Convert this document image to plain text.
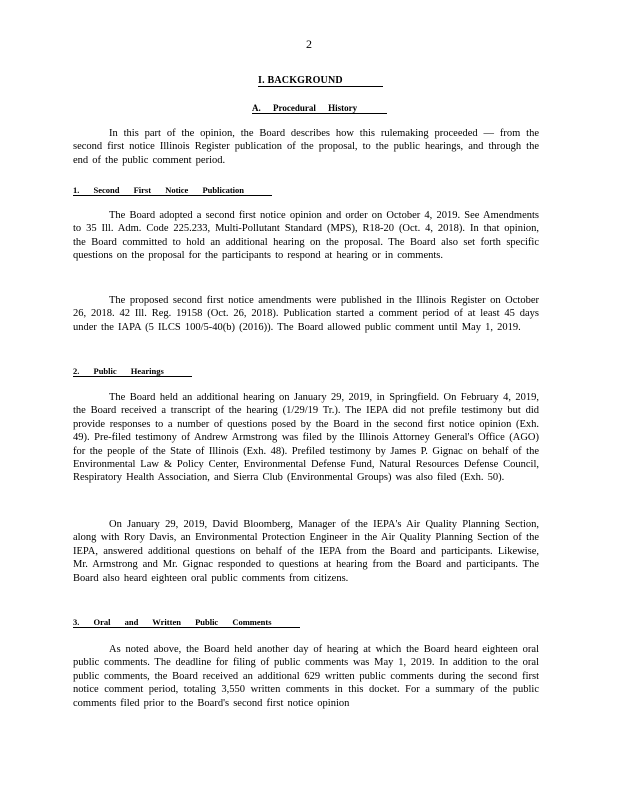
2
I. BACKGROUND
A. Procedural History
In this part of the opinion, the Board describes how this rulemaking proceeded — from the second first notice Illinois Register publication of the proposal, to the public hearings, and through the end of the public comment period.
1. Second First Notice Publication
The Board adopted a second first notice opinion and order on October 4, 2019. See Amendments to 35 Ill. Adm. Code 225.233, Multi-Pollutant Standard (MPS), R18-20 (Oct. 4, 2018). In that opinion, the Board committed to hold an additional hearing on the proposal. The Board also set forth specific questions on the proposal for the participants to respond at hearing or in comments.
The proposed second first notice amendments were published in the Illinois Register on October 26, 2018. 42 Ill. Reg. 19158 (Oct. 26, 2018). Publication started a comment period of at least 45 days under the IAPA (5 ILCS 100/5-40(b) (2016)). The Board allowed public comment until May 1, 2019.
2. Public Hearings
The Board held an additional hearing on January 29, 2019, in Springfield. On February 4, 2019, the Board received a transcript of the hearing (1/29/19 Tr.). The IEPA did not prefile testimony but did provide responses to a number of questions posed by the Board in the second first notice opinion (Exh. 49). Pre-filed testimony of Andrew Armstrong was filed by the Illinois Attorney General's Office (AGO) for the people of the State of Illinois (Exh. 48). Prefiled testimony by James P. Gignac on behalf of the Environmental Law & Policy Center, Environmental Defense Fund, Natural Resources Defense Council, Respiratory Health Association, and Sierra Club (Environmental Groups) was also filed (Exh. 50).
On January 29, 2019, David Bloomberg, Manager of the IEPA's Air Quality Planning Section, along with Rory Davis, an Environmental Protection Engineer in the Air Quality Planning Section of the IEPA, answered additional questions on behalf of the IEPA from the Board and participants. Likewise, Mr. Armstrong and Mr. Gignac responded to questions at hearing from the Board and participants. The Board also heard eighteen oral public comments from citizens.
3. Oral and Written Public Comments
As noted above, the Board held another day of hearing at which the Board heard eighteen oral public comments. The deadline for filing of public comments was May 1, 2019. In addition to the oral public comments, the Board received an additional 629 written public comments during the second first notice comment period, totaling 3,550 written comments in this docket. For a summary of the public comments filed prior to the Board's second first notice opinion
